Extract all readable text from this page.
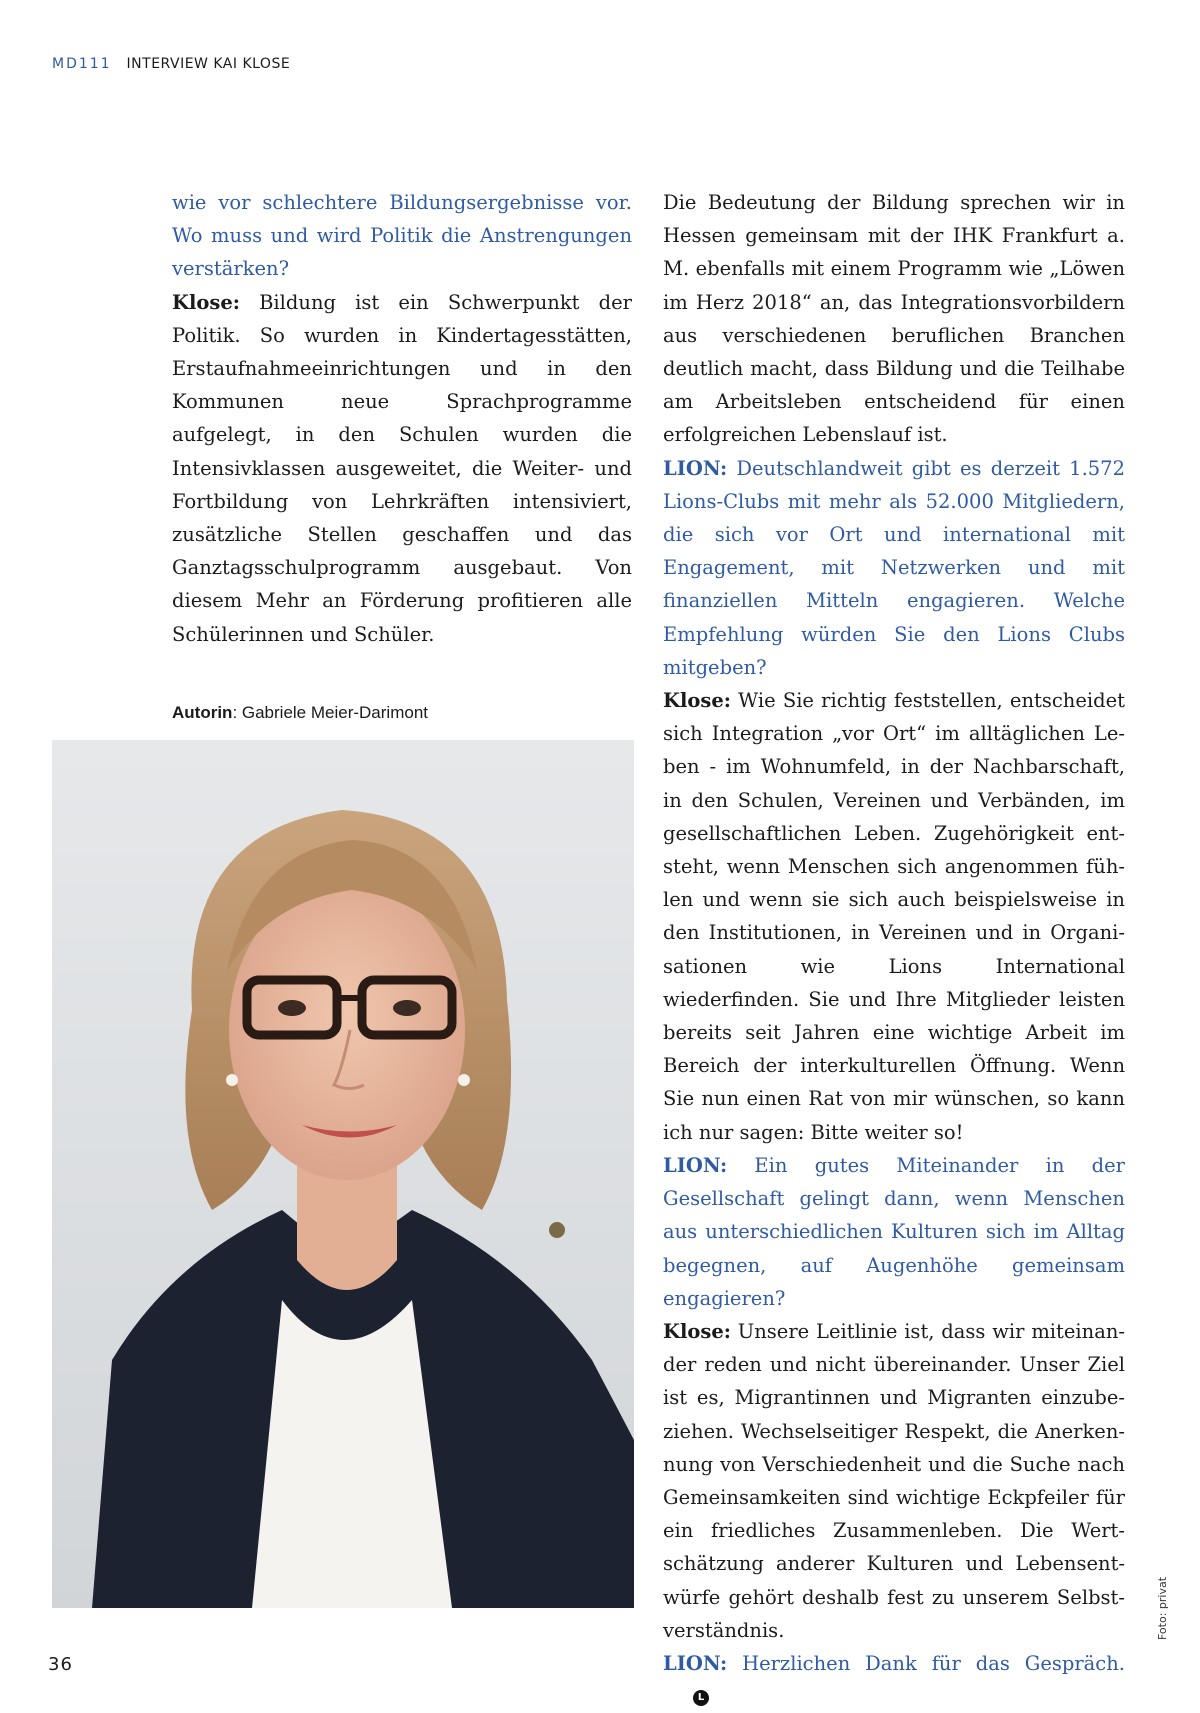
MD111 INTERVIEW KAI KLOSE

wie vor schlechtere Bildungsergebnisse vor. Wo muss und wird Politik die Anstrengungen verstärken?

Klose: Bildung ist ein Schwerpunkt der Politik. So wurden in Kindertagesstätten, Erstaufnahmeeinrichtungen und in den Kommunen neue Sprachprogramme aufgelegt, in den Schulen wurden die Intensivklassen ausgeweitet, die Weiter- und Fortbildung von Lehrkräften intensiviert, zusätzliche Stellen geschaffen und das Ganztagsschulprogramm ausgebaut. Von diesem Mehr an Förderung profitieren alle Schülerinnen und Schüler.

Autorin: Gabriele Meier-Darimont

Die Bedeutung der Bildung sprechen wir in Hessen gemeinsam mit der IHK Frankfurt a. M. ebenfalls mit einem Programm wie „Löwen im Herz 2018“ an, das Integrationsvorbildern aus verschiedenen beruflichen Branchen deutlich macht, dass Bildung und die Teilhabe am Arbeitsleben entscheidend für einen erfolgreichen Lebenslauf ist.

LION: Deutschlandweit gibt es derzeit 1.572 Lions-Clubs mit mehr als 52.000 Mitgliedern, die sich vor Ort und international mit Engagement, mit Netzwerken und mit finanziellen Mitteln engagieren. Welche Empfehlung würden Sie den Lions Clubs mitgeben?

Klose: Wie Sie richtig feststellen, entscheidet sich Integration „vor Ort“ im alltäglichen Leben - im Wohnumfeld, in der Nachbarschaft, in den Schulen, Vereinen und Verbänden, im gesellschaftlichen Leben. Zugehörigkeit entsteht, wenn Menschen sich angenommen fühlen und wenn sie sich auch beispielsweise in den Institutionen, in Vereinen und in Organisationen wie Lions International wiederfinden. Sie und Ihre Mitglieder leisten bereits seit Jahren eine wichtige Arbeit im Bereich der interkulturellen Öffnung. Wenn Sie nun einen Rat von mir wünschen, so kann ich nur sagen: Bitte weiter so!

LION: Ein gutes Miteinander in der Gesellschaft gelingt dann, wenn Menschen aus unterschiedlichen Kulturen sich im Alltag begegnen, auf Augenhöhe gemeinsam engagieren?

Klose: Unsere Leitlinie ist, dass wir miteinander reden und nicht übereinander. Unser Ziel ist es, Migrantinnen und Migranten einzubeziehen. Wechselseitiger Respekt, die Anerkennung von Verschiedenheit und die Suche nach Gemeinsamkeiten sind wichtige Eckpfeiler für ein friedliches Zusammenleben. Die Wertschätzung anderer Kulturen und Lebensentwürfe gehört deshalb fest zu unserem Selbstverständnis.

LION: Herzlichen Dank für das Gespräch.L

Foto: privat
36
